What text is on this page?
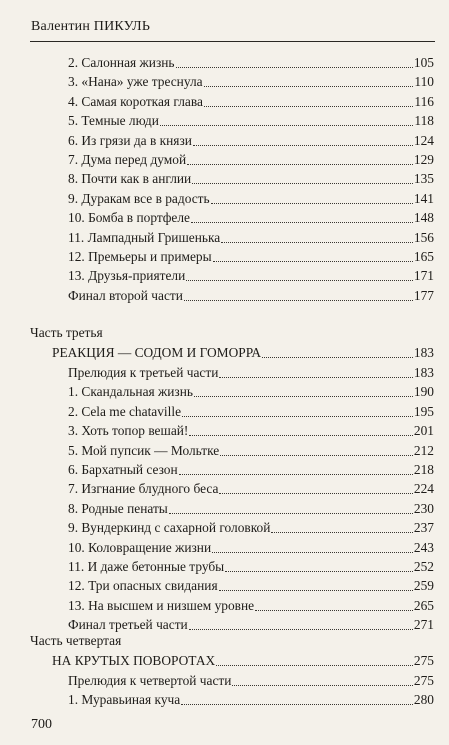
Валентин ПИКУЛЬ
2. Салонная жизнь	105
3. «Нана» уже треснула	110
4. Самая короткая глава	116
5. Темные люди	118
6. Из грязи да в князи	124
7. Дума перед думой	129
8. Почти как в англии	135
9. Дуракам все в радость	141
10. Бомба в портфеле	148
11. Лампадный Гришенька	156
12. Премьеры и примеры	165
13. Друзья-приятели	171
Финал второй части	177
Часть третья
РЕАКЦИЯ — СОДОМ И ГОМОРРА	183
Прелюдия к третьей части	183
1. Скандальная жизнь	190
2. Cela me chataville	195
3. Хоть топор вешай!	201
5. Мой пупсик — Мольтке	212
6. Бархатный сезон	218
7. Изгнание блудного беса	224
8. Родные пенаты	230
9. Вундеркинд с сахарной головкой	237
10. Коловращение жизни	243
11. И даже бетонные трубы	252
12. Три опасных свидания	259
13. На высшем и низшем уровне	265
Финал третьей части	271
Часть четвертая
НА КРУТЫХ ПОВОРОТАХ	275
Прелюдия к четвертой части	275
1. Муравьиная куча	280
700
